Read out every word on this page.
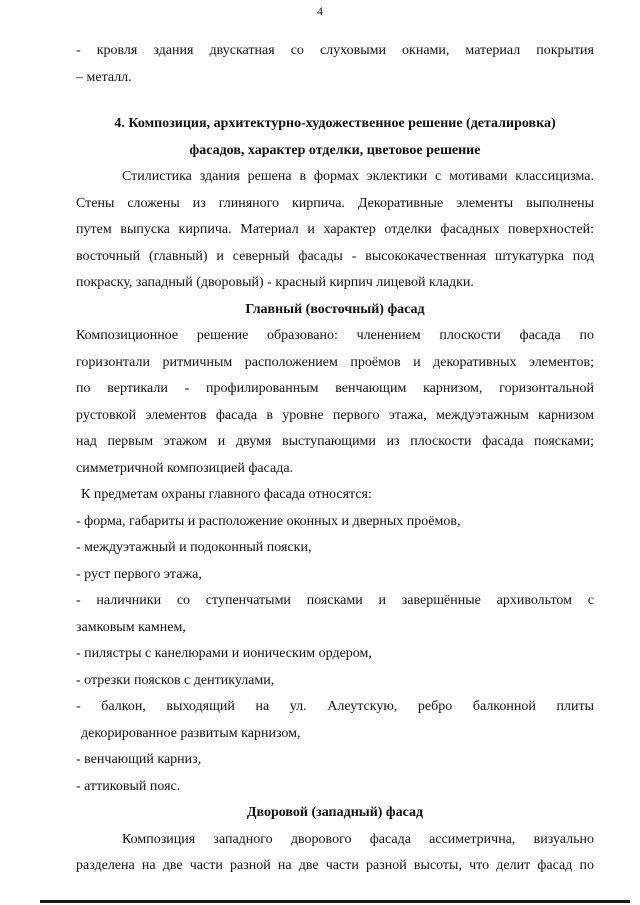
4
- кровля здания двускатная со слуховыми окнами, материал покрытия
– металл.
4. Композиция, архитектурно-художественное решение (деталировка)
фасадов, характер отделки, цветовое решение
Стилистика здания решена в формах эклектики с мотивами классицизма.
Стены сложены из глиняного кирпича. Декоративные элементы выполнены
путем выпуска кирпича. Материал и характер отделки фасадных поверхностей:
восточный (главный) и северный фасады - высококачественная штукатурка под
покраску, западный (дворовый) - красный кирпич лицевой кладки.
Главный (восточный) фасад
Композиционное решение образовано: членением плоскости фасада по
горизонтали ритмичным расположением проёмов и декоративных элементов;
по вертикали - профилированным венчающим карнизом, горизонтальной
рустовкой элементов фасада в уровне первого этажа, междуэтажным карнизом
над первым этажом и двумя выступающими из плоскости фасада поясками;
симметричной композицией фасада.
К предметам охраны главного фасада относятся:
- форма, габариты и расположение оконных и дверных проёмов,
- междуэтажный и подоконный пояски,
- руст первого этажа,
- наличники со ступенчатыми поясками и завершённые архивольтом с
замковым камнем,
- пилястры с канелюрами и ионическим ордером,
- отрезки поясков с дентикулами,
- балкон, выходящий на ул. Алеутскую, ребро балконной плиты
декорированное развитым карнизом,
- венчающий карниз,
- аттиковый пояс.
Дворовой (западный) фасад
Композиция западного дворового фасада ассиметрична, визуально
разделена на две части разной на две части разной высоты, что делит фасад по
